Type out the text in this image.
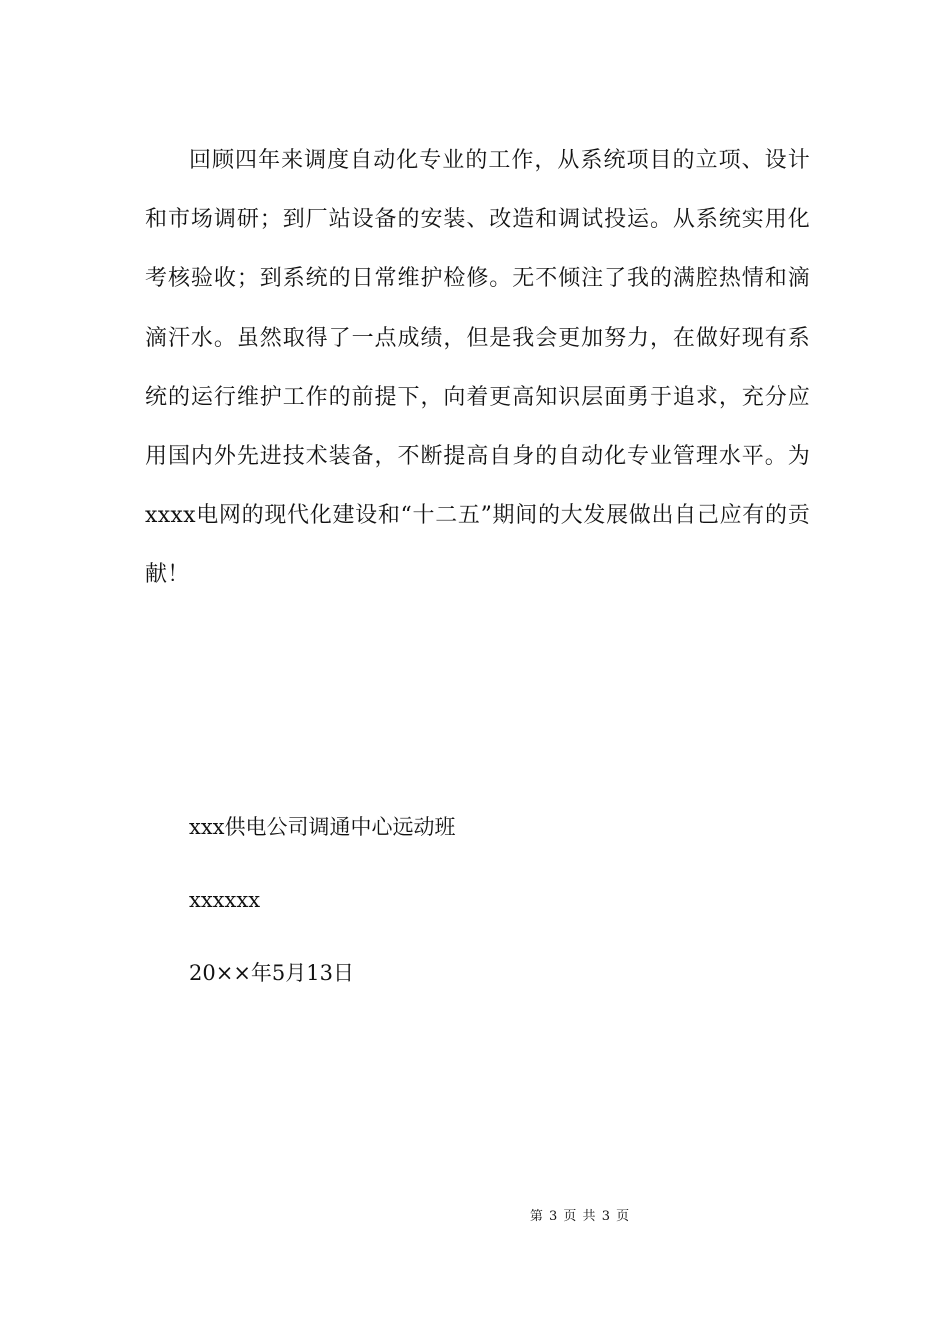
回顾四年来调度自动化专业的工作，从系统项目的立项、设计和市场调研；到厂站设备的安装、改造和调试投运。从系统实用化考核验收；到系统的日常维护检修。无不倾注了我的满腔热情和滴滴汗水。虽然取得了一点成绩，但是我会更加努力，在做好现有系统的运行维护工作的前提下，向着更高知识层面勇于追求，充分应用国内外先进技术装备，不断提高自身的自动化专业管理水平。为xxxx电网的现代化建设和“十二五”期间的大发展做出自己应有的贡献！

xxx供电公司调通中心远动班

xxxxxx

20××年5月13日

第 3 页 共 3 页
